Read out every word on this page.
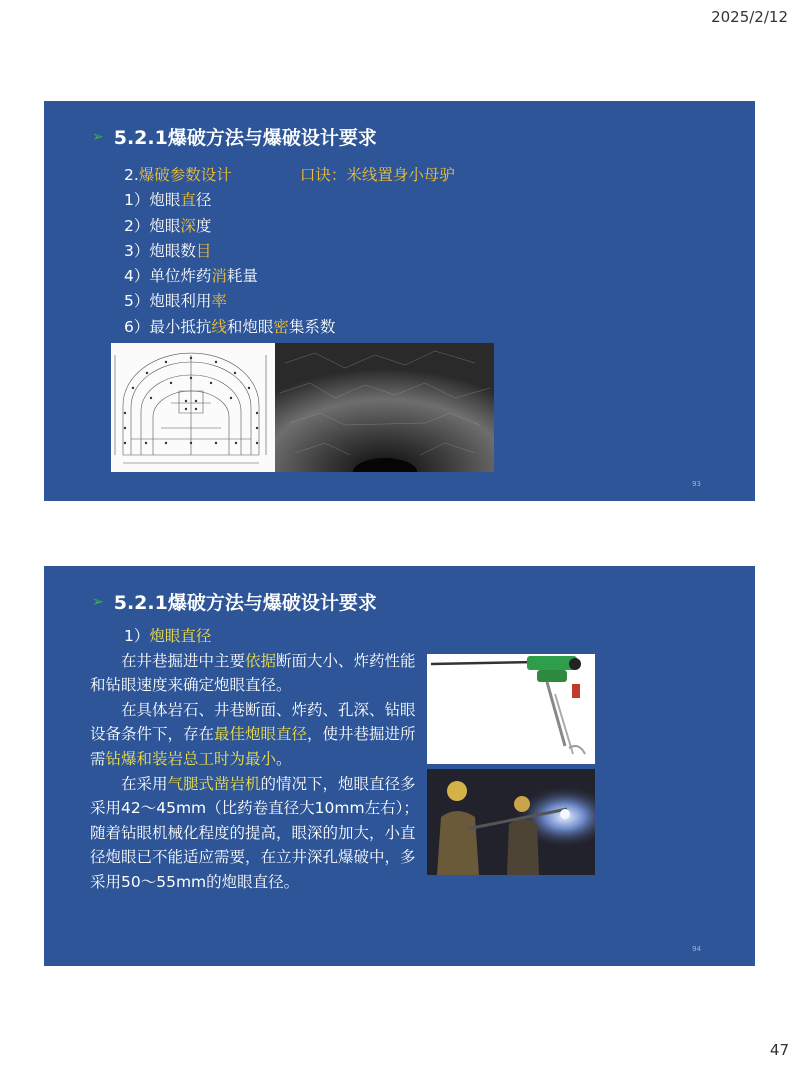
2025/2/12
➢ 5.2.1爆破方法与爆破设计要求
2.爆破参数设计	口诀：米线置身小母驴
1）炮眼直径
2）炮眼深度
3）炮眼数目
4）单位炸药消耗量
5）炮眼利用率
6）最小抵抗线和炮眼密集系数
93
➢ 5.2.1爆破方法与爆破设计要求
1）炮眼直径
在井巷掘进中主要依据断面大小、炸药性能和钻眼速度来确定炮眼直径。
在具体岩石、井巷断面、炸药、孔深、钻眼设备条件下，存在最佳炮眼直径，使井巷掘进所需钻爆和装岩总工时为最小。
在采用气腿式凿岩机的情况下，炮眼直径多采用42～45mm（比药卷直径大10mm左右）；随着钻眼机械化程度的提高，眼深的加大，小直径炮眼已不能适应需要，在立井深孔爆破中，多采用50～55mm的炮眼直径。
94
47
